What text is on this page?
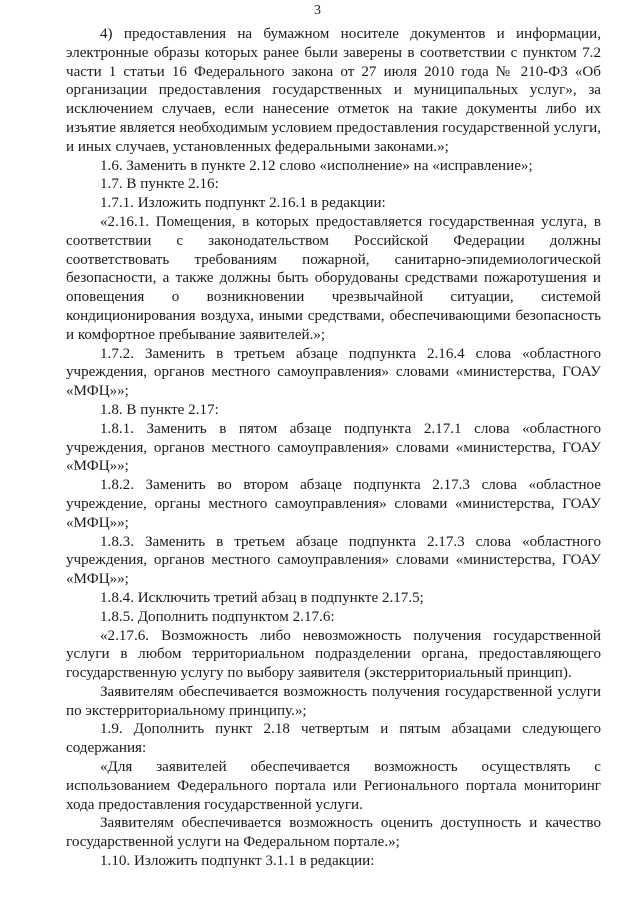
3

4) предоставления на бумажном носителе документов и информации, электронные образы которых ранее были заверены в соответствии с пунктом 7.2 части 1 статьи 16 Федерального закона от 27 июля 2010 года № 210-ФЗ «Об организации предоставления государственных и муниципальных услуг», за исключением случаев, если нанесение отметок на такие документы либо их изъятие является необходимым условием предоставления государственной услуги, и иных случаев, установленных федеральными законами.»;

1.6. Заменить в пункте 2.12 слово «исполнение» на «исправление»;

1.7. В пункте 2.16:

1.7.1. Изложить подпункт 2.16.1 в редакции:

«2.16.1. Помещения, в которых предоставляется государственная услуга, в соответствии с законодательством Российской Федерации должны соответствовать требованиям пожарной, санитарно-эпидемиологической безопасности, а также должны быть оборудованы средствами пожаротушения и оповещения о возникновении чрезвычайной ситуации, системой кондиционирования воздуха, иными средствами, обеспечивающими безопасность и комфортное пребывание заявителей.»;

1.7.2. Заменить в третьем абзаце подпункта 2.16.4 слова «областного учреждения, органов местного самоуправления» словами «министерства, ГОАУ «МФЦ»»;

1.8. В пункте 2.17:

1.8.1. Заменить в пятом абзаце подпункта 2.17.1 слова «областного учреждения, органов местного самоуправления» словами «министерства, ГОАУ «МФЦ»»;

1.8.2. Заменить во втором абзаце подпункта 2.17.3 слова «областное учреждение, органы местного самоуправления» словами «министерства, ГОАУ «МФЦ»»;

1.8.3. Заменить в третьем абзаце подпункта 2.17.3 слова «областного учреждения, органов местного самоуправления» словами «министерства, ГОАУ «МФЦ»»;

1.8.4. Исключить третий абзац в подпункте 2.17.5;

1.8.5. Дополнить подпунктом 2.17.6:

«2.17.6. Возможность либо невозможность получения государственной услуги в любом территориальном подразделении органа, предоставляющего государственную услугу по выбору заявителя (экстерриториальный принцип).

Заявителям обеспечивается возможность получения государственной услуги по экстерриториальному принципу.»;

1.9. Дополнить пункт 2.18 четвертым и пятым абзацами следующего содержания:

«Для заявителей обеспечивается возможность осуществлять с использованием Федерального портала или Регионального портала мониторинг хода предоставления государственной услуги.

Заявителям обеспечивается возможность оценить доступность и качество государственной услуги на Федеральном портале.»;

1.10. Изложить подпункт 3.1.1 в редакции:
